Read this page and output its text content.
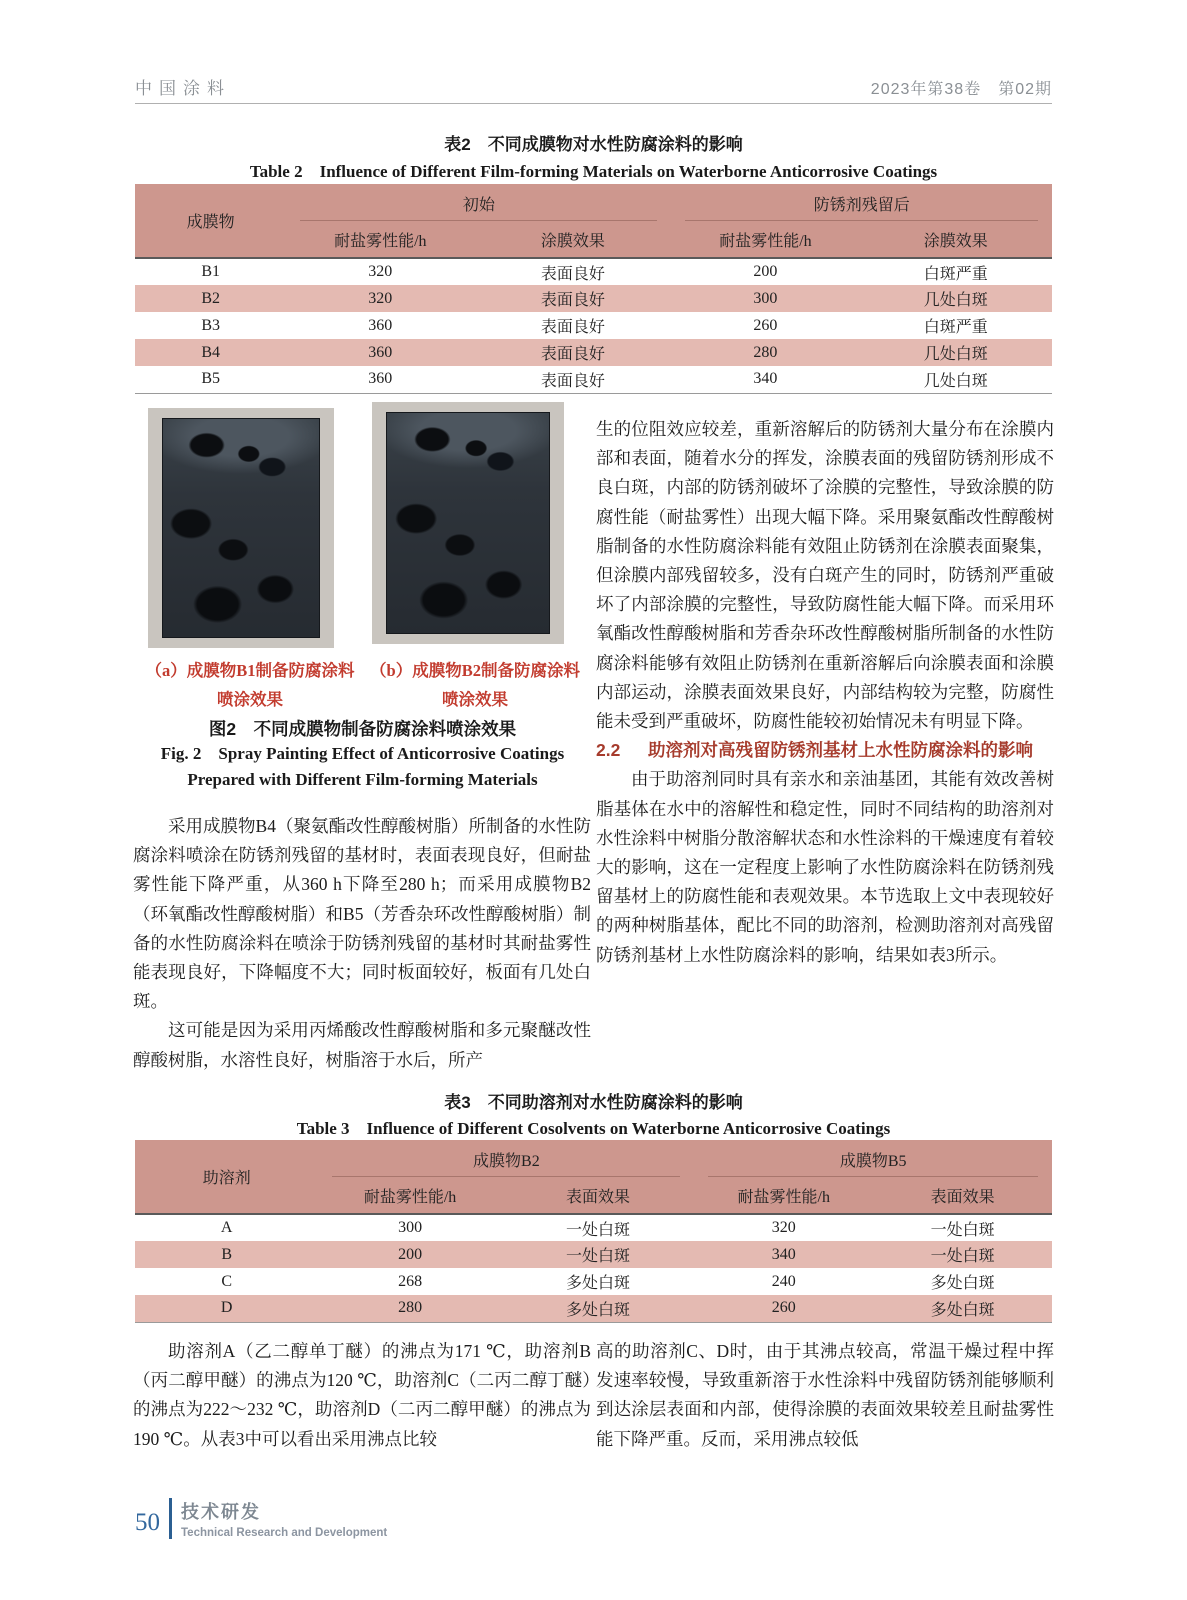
中国涂料	2023年第38卷　第02期
表2　不同成膜物对水性防腐涂料的影响
Table 2　Influence of Different Film-forming Materials on Waterborne Anticorrosive Coatings
成膜物	初始		防锈剂残留后	

	耐盐雾性能/h	涂膜效果	耐盐雾性能/h	涂膜效果
B1	320	表面良好	200	白斑严重
B2	320	表面良好	300	几处白斑
B3	360	表面良好	260	白斑严重
B4	360	表面良好	280	几处白斑
B5	360	表面良好	340	几处白斑
（a）成膜物B1制备防腐涂料
喷涂效果
（b）成膜物B2制备防腐涂料
喷涂效果
图2　不同成膜物制备防腐涂料喷涂效果
Fig. 2　Spray Painting Effect of Anticorrosive Coatings
Prepared with Different Film-forming Materials

采用成膜物B4（聚氨酯改性醇酸树脂）所制备的水性防腐涂料喷涂在防锈剂残留的基材时，表面表现良好，但耐盐雾性能下降严重，从360 h下降至280 h；而采用成膜物B2（环氧酯改性醇酸树脂）和B5（芳香杂环改性醇酸树脂）制备的水性防腐涂料在喷涂于防锈剂残留的基材时其耐盐雾性能表现良好，下降幅度不大；同时板面较好，板面有几处白斑。

这可能是因为采用丙烯酸改性醇酸树脂和多元聚醚改性醇酸树脂，水溶性良好，树脂溶于水后，所产

生的位阻效应较差，重新溶解后的防锈剂大量分布在涂膜内部和表面，随着水分的挥发，涂膜表面的残留防锈剂形成不良白斑，内部的防锈剂破坏了涂膜的完整性，导致涂膜的防腐性能（耐盐雾性）出现大幅下降。采用聚氨酯改性醇酸树脂制备的水性防腐涂料能有效阻止防锈剂在涂膜表面聚集，但涂膜内部残留较多，没有白斑产生的同时，防锈剂严重破坏了内部涂膜的完整性，导致防腐性能大幅下降。而采用环氧酯改性醇酸树脂和芳香杂环改性醇酸树脂所制备的水性防腐涂料能够有效阻止防锈剂在重新溶解后向涂膜表面和涂膜内部运动，涂膜表面效果良好，内部结构较为完整，防腐性能未受到严重破坏，防腐性能较初始情况未有明显下降。

2.2	助溶剂对高残留防锈剂基材上水性防腐涂料的影响

由于助溶剂同时具有亲水和亲油基团，其能有效改善树脂基体在水中的溶解性和稳定性，同时不同结构的助溶剂对水性涂料中树脂分散溶解状态和水性涂料的干燥速度有着较大的影响，这在一定程度上影响了水性防腐涂料在防锈剂残留基材上的防腐性能和表观效果。本节选取上文中表现较好的两种树脂基体，配比不同的助溶剂，检测助溶剂对高残留防锈剂基材上水性防腐涂料的影响，结果如表3所示。

表3　不同助溶剂对水性防腐涂料的影响
Table 3　Influence of Different Cosolvents on Waterborne Anticorrosive Coatings
助溶剂	成膜物B2		成膜物B5	

	耐盐雾性能/h	表面效果	耐盐雾性能/h	表面效果
A	300	一处白斑	320	一处白斑
B	200	一处白斑	340	一处白斑
C	268	多处白斑	240	多处白斑
D	280	多处白斑	260	多处白斑

助溶剂A（乙二醇单丁醚）的沸点为171 ℃，助溶剂B（丙二醇甲醚）的沸点为120 ℃，助溶剂C（二丙二醇丁醚）的沸点为222～232 ℃，助溶剂D（二丙二醇甲醚）的沸点为190 ℃。从表3中可以看出采用沸点比较

高的助溶剂C、D时，由于其沸点较高，常温干燥过程中挥发速率较慢，导致重新溶于水性涂料中残留防锈剂能够顺利到达涂层表面和内部，使得涂膜的表面效果较差且耐盐雾性能下降严重。反而，采用沸点较低

50	技术研发
Technical Research and Development
